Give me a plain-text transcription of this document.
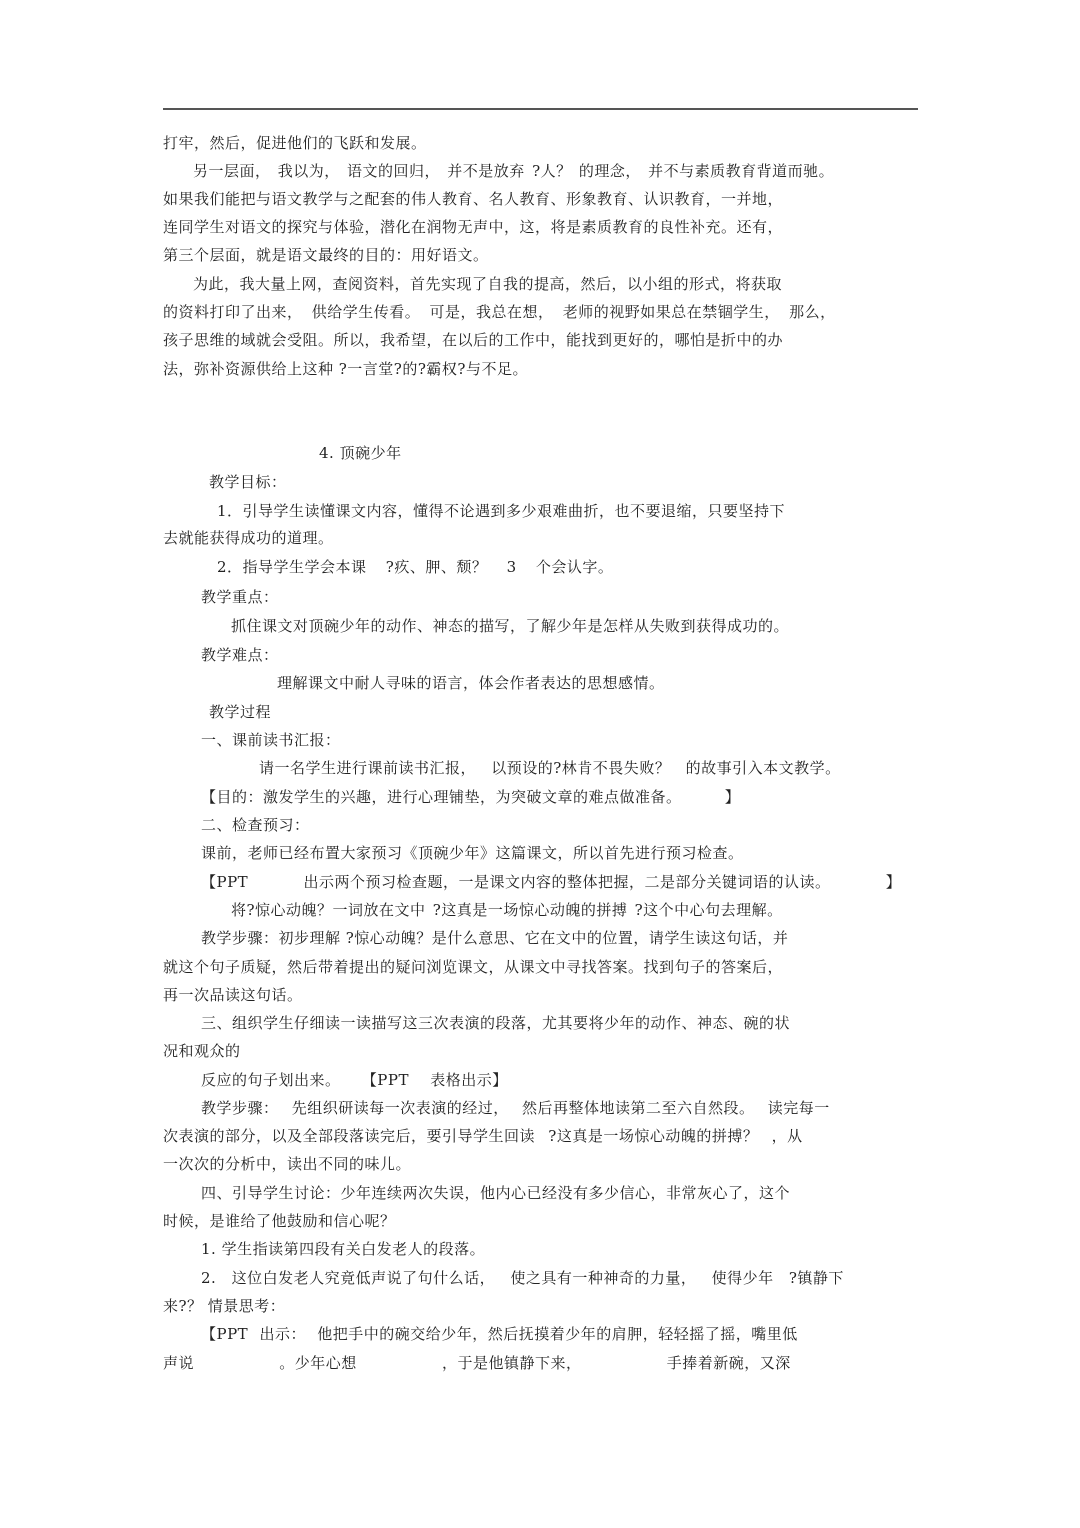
打牢，然后，促进他们的飞跃和发展。
另一层面， 我以为， 语文的回归， 并不是放弃 ?人？ 的理念， 并不与素质教育背道而驰。
如果我们能把与语文教学与之配套的伟人教育、名人教育、形象教育、认识教育，一并地，
连同学生对语文的探究与体验，潜化在润物无声中，这，将是素质教育的良性补充。还有，
第三个层面，就是语文最终的目的：用好语文。
为此，我大量上网，查阅资料，首先实现了自我的提高，然后，以小组的形式，将获取
的资料打印了出来， 供给学生传看。 可是，我总在想， 老师的视野如果总在禁锢学生， 那么，
孩子思维的域就会受阻。所以，我希望，在以后的工作中，能找到更好的，哪怕是折中的办
法，弥补资源供给上这种 ?一言堂?的?霸权?与不足。
4. 顶碗少年
教学目标：
1．引导学生读懂课文内容，懂得不论遇到多少艰难曲折，也不要退缩，只要坚持下
去就能获得成功的道理。
2．指导学生学会本课 ?疚、胛、颓？ 3 个会认字。
教学重点：
抓住课文对顶碗少年的动作、神态的描写，了解少年是怎样从失败到获得成功的。
教学难点：
理解课文中耐人寻味的语言，体会作者表达的思想感情。
教学过程
一、课前读书汇报：
请一名学生进行课前读书汇报， 以预设的?林肯不畏失败？ 的故事引入本文教学。
【目的：激发学生的兴趣，进行心理铺垫，为突破文章的难点做准备。 】
二、检查预习：
课前，老师已经布置大家预习《顶碗少年》这篇课文，所以首先进行预习检查。
【PPT 出示两个预习检查题，一是课文内容的整体把握，二是部分关键词语的认读。 】
将?惊心动魄？一词放在文中 ?这真是一场惊心动魄的拼搏 ?这个中心句去理解。
教学步骤：初步理解 ?惊心动魄？是什么意思、它在文中的位置，请学生读这句话，并
就这个句子质疑，然后带着提出的疑问浏览课文，从课文中寻找答案。找到句子的答案后，
再一次品读这句话。
三、组织学生仔细读一读描写这三次表演的段落，尤其要将少年的动作、神态、碗的状
况和观众的
反应的句子划出来。 【PPT 表格出示】
教学步骤： 先组织研读每一次表演的经过， 然后再整体地读第二至六自然段。 读完每一
次表演的部分，以及全部段落读完后，要引导学生回读 ?这真是一场惊心动魄的拼搏？ ，从
一次次的分析中，读出不同的味儿。
四、引导学生讨论：少年连续两次失误，他内心已经没有多少信心，非常灰心了，这个
时候，是谁给了他鼓励和信心呢？
1. 学生指读第四段有关白发老人的段落。
2. 这位白发老人究竟低声说了句什么话， 使之具有一种神奇的力量， 使得少年 ?镇静下
来?？ 情景思考：
【PPT 出示： 他把手中的碗交给少年，然后抚摸着少年的肩胛，轻轻摇了摇，嘴里低
声说 。少年心想 ，于是他镇静下来， 手捧着新碗，又深
